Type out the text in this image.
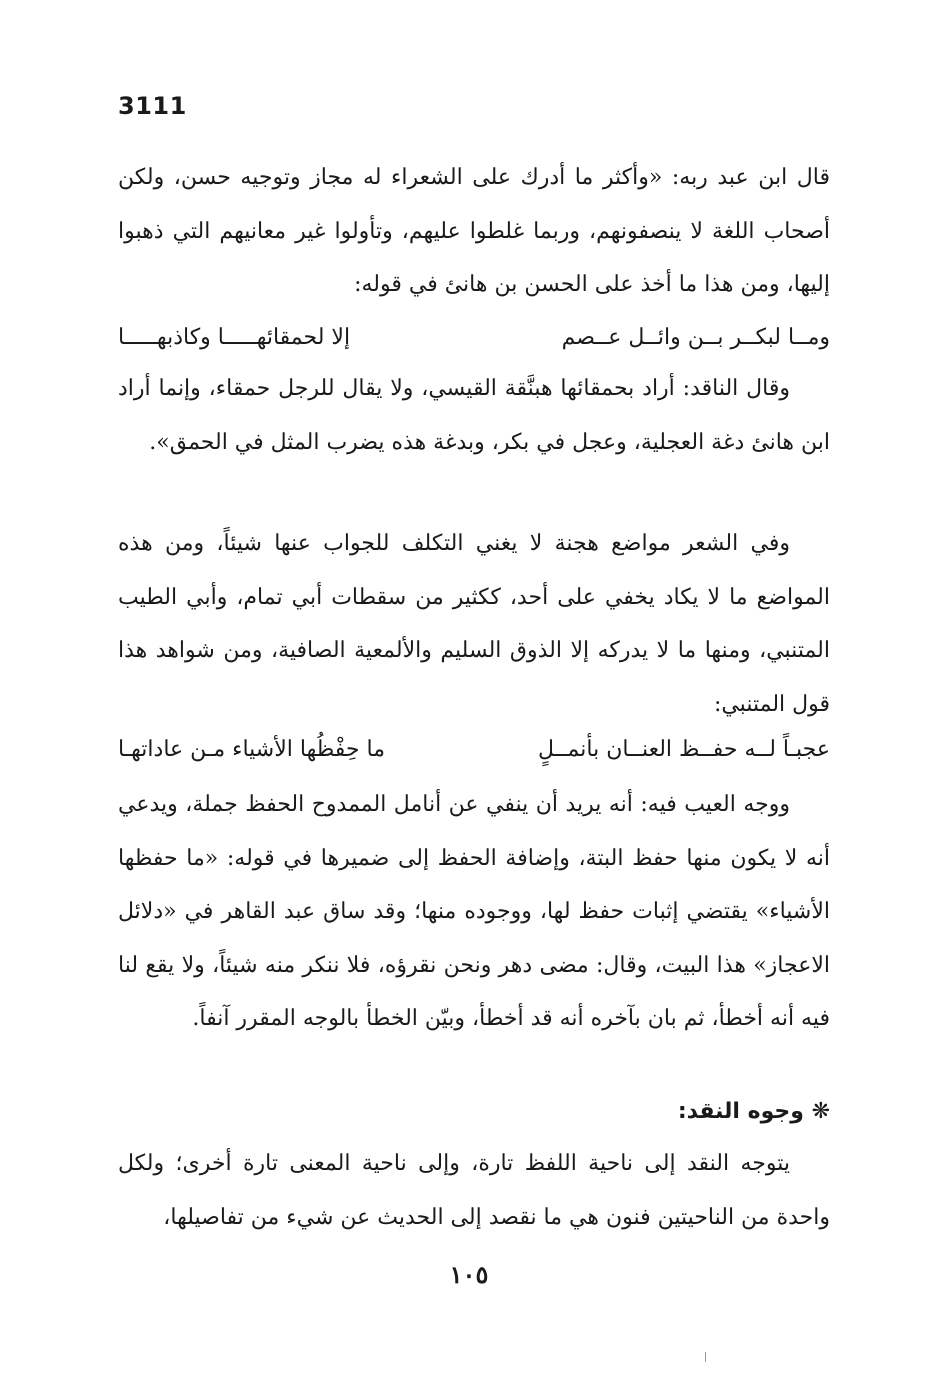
3111
قال ابن عبد ربه: «وأكثر ما أدرك على الشعراء له مجاز وتوجيه حسن، ولكن أصحاب اللغة لا ينصفونهم، وربما غلطوا عليهم، وتأولوا غير معانيهم التي ذهبوا إليها، ومن هذا ما أخذ على الحسن بن هانئ في قوله:
ومــا لبكــر بــن وائــل عــصم
إلا لحمقائهـــــا وكاذبهـــــا
وقال الناقد: أراد بحمقائها هبنَّقة القيسي، ولا يقال للرجل حمقاء، وإنما أراد ابن هانئ دغة العجلية، وعجل في بكر، وبدغة هذه يضرب المثل في الحمق».
وفي الشعر مواضع هجنة لا يغني التكلف للجواب عنها شيئاً، ومن هذه المواضع ما لا يكاد يخفي على أحد، ككثير من سقطات أبي تمام، وأبي الطيب المتنبي، ومنها ما لا يدركه إلا الذوق السليم والألمعية الصافية، ومن شواهد هذا قول المتنبي:
عجبـاً لــه حفــظ العنــان بأنمــلٍ
ما حِفْظُها الأشياء مـن عاداتهـا
ووجه العيب فيه: أنه يريد أن ينفي عن أنامل الممدوح الحفظ جملة، ويدعي أنه لا يكون منها حفظ البتة، وإضافة الحفظ إلى ضميرها في قوله: «ما حفظها الأشياء» يقتضي إثبات حفظ لها، ووجوده منها؛ وقد ساق عبد القاهر في «دلائل الاعجاز» هذا البيت، وقال: مضى دهر ونحن نقرؤه، فلا ننكر منه شيئاً، ولا يقع لنا فيه أنه أخطأ، ثم بان بآخره أنه قد أخطأ، وبيّن الخطأ بالوجه المقرر آنفاً.
❋ وجوه النقد:
يتوجه النقد إلى ناحية اللفظ تارة، وإلى ناحية المعنى تارة أخرى؛ ولكل واحدة من الناحيتين فنون هي ما نقصد إلى الحديث عن شيء من تفاصيلها،
١٠٥
